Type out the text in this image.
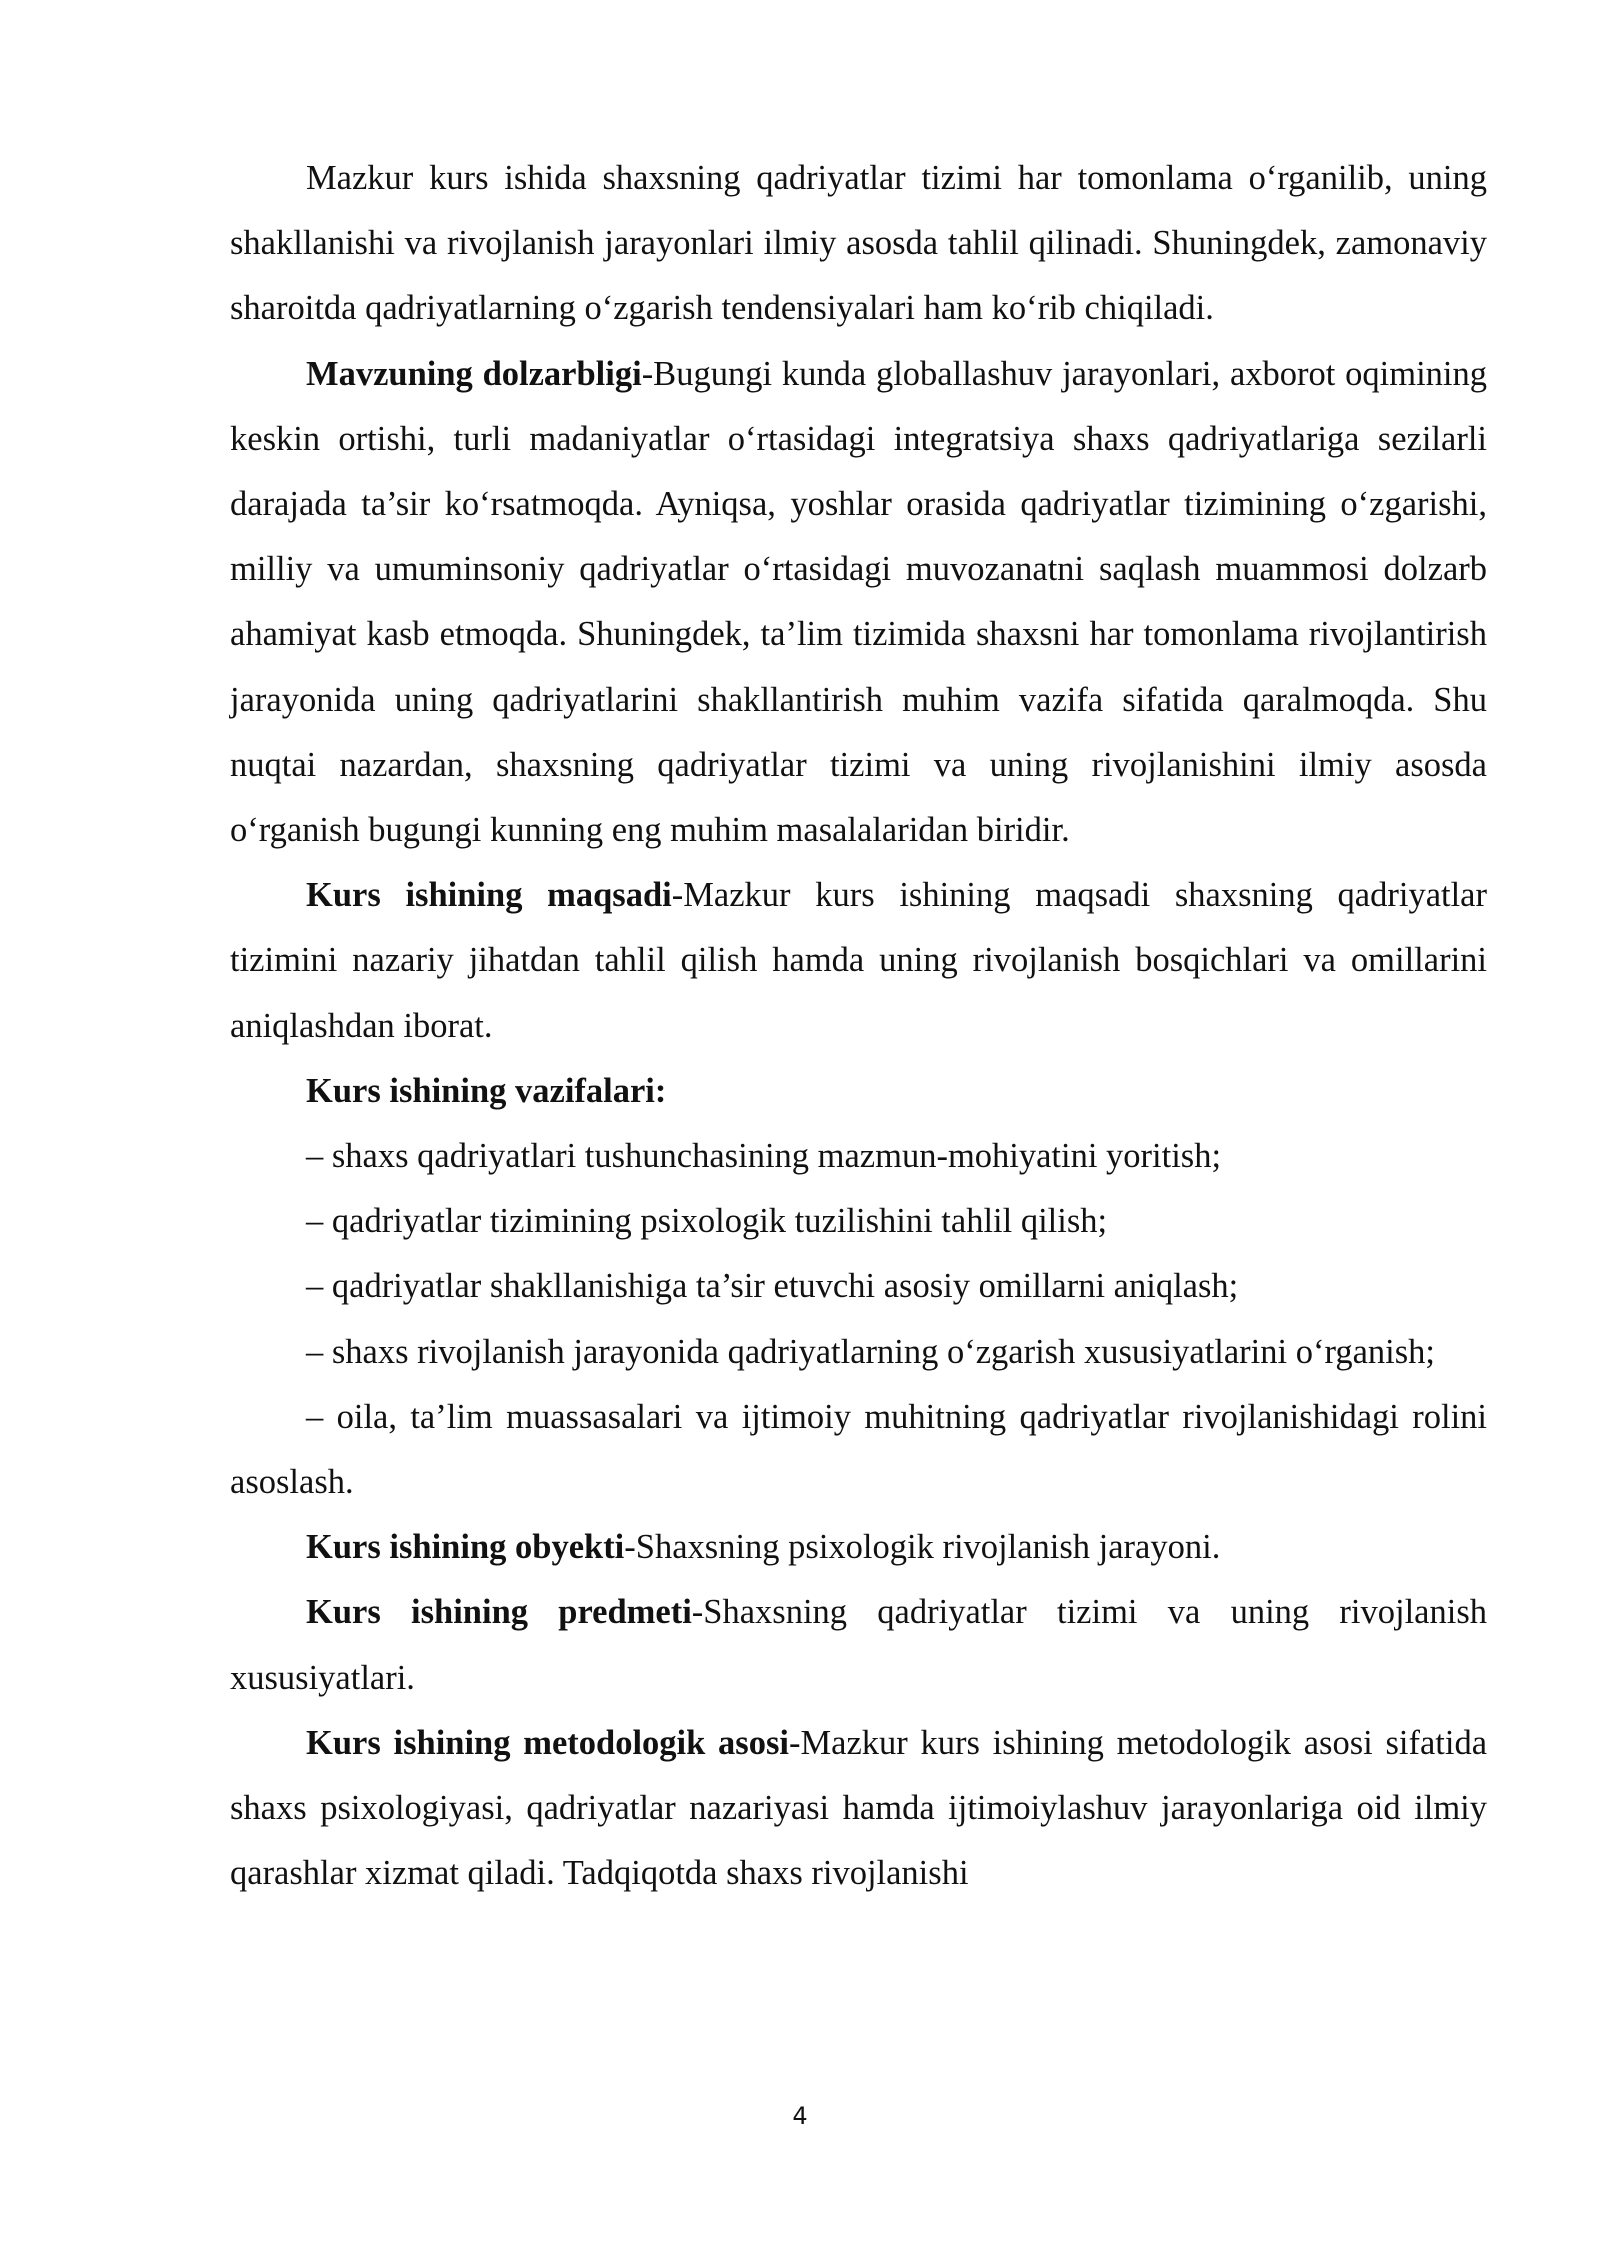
Mazkur kurs ishida shaxsning qadriyatlar tizimi har tomonlama o‘rganilib, uning shakllanishi va rivojlanish jarayonlari ilmiy asosda tahlil qilinadi. Shuningdek, zamonaviy sharoitda qadriyatlarning o‘zgarish tendensiyalari ham ko‘rib chiqiladi.

Mavzuning dolzarbligi-Bugungi kunda globallashuv jarayonlari, axborot oqimining keskin ortishi, turli madaniyatlar o‘rtasidagi integratsiya shaxs qadriyatlariga sezilarli darajada ta’sir ko‘rsatmoqda. Ayniqsa, yoshlar orasida qadriyatlar tizimining o‘zgarishi, milliy va umuminsoniy qadriyatlar o‘rtasidagi muvozanatni saqlash muammosi dolzarb ahamiyat kasb etmoqda. Shuningdek, ta’lim tizimida shaxsni har tomonlama rivojlantirish jarayonida uning qadriyatlarini shakllantirish muhim vazifa sifatida qaralmoqda. Shu nuqtai nazardan, shaxsning qadriyatlar tizimi va uning rivojlanishini ilmiy asosda o‘rganish bugungi kunning eng muhim masalalaridan biridir.

Kurs ishining maqsadi-Mazkur kurs ishining maqsadi shaxsning qadriyatlar tizimini nazariy jihatdan tahlil qilish hamda uning rivojlanish bosqichlari va omillarini aniqlashdan iborat.

Kurs ishining vazifalari:

– shaxs qadriyatlari tushunchasining mazmun-mohiyatini yoritish;

– qadriyatlar tizimining psixologik tuzilishini tahlil qilish;

– qadriyatlar shakllanishiga ta’sir etuvchi asosiy omillarni aniqlash;

– shaxs rivojlanish jarayonida qadriyatlarning o‘zgarish xususiyatlarini o‘rganish;

– oila, ta’lim muassasalari va ijtimoiy muhitning qadriyatlar rivojlanishidagi rolini asoslash.

Kurs ishining obyekti-Shaxsning psixologik rivojlanish jarayoni.

Kurs ishining predmeti-Shaxsning qadriyatlar tizimi va uning rivojlanish xususiyatlari.

Kurs ishining metodologik asosi-Mazkur kurs ishining metodologik asosi sifatida shaxs psixologiyasi, qadriyatlar nazariyasi hamda ijtimoiylashuv jarayonlariga oid ilmiy qarashlar xizmat qiladi. Tadqiqotda shaxs rivojlanishi

4
